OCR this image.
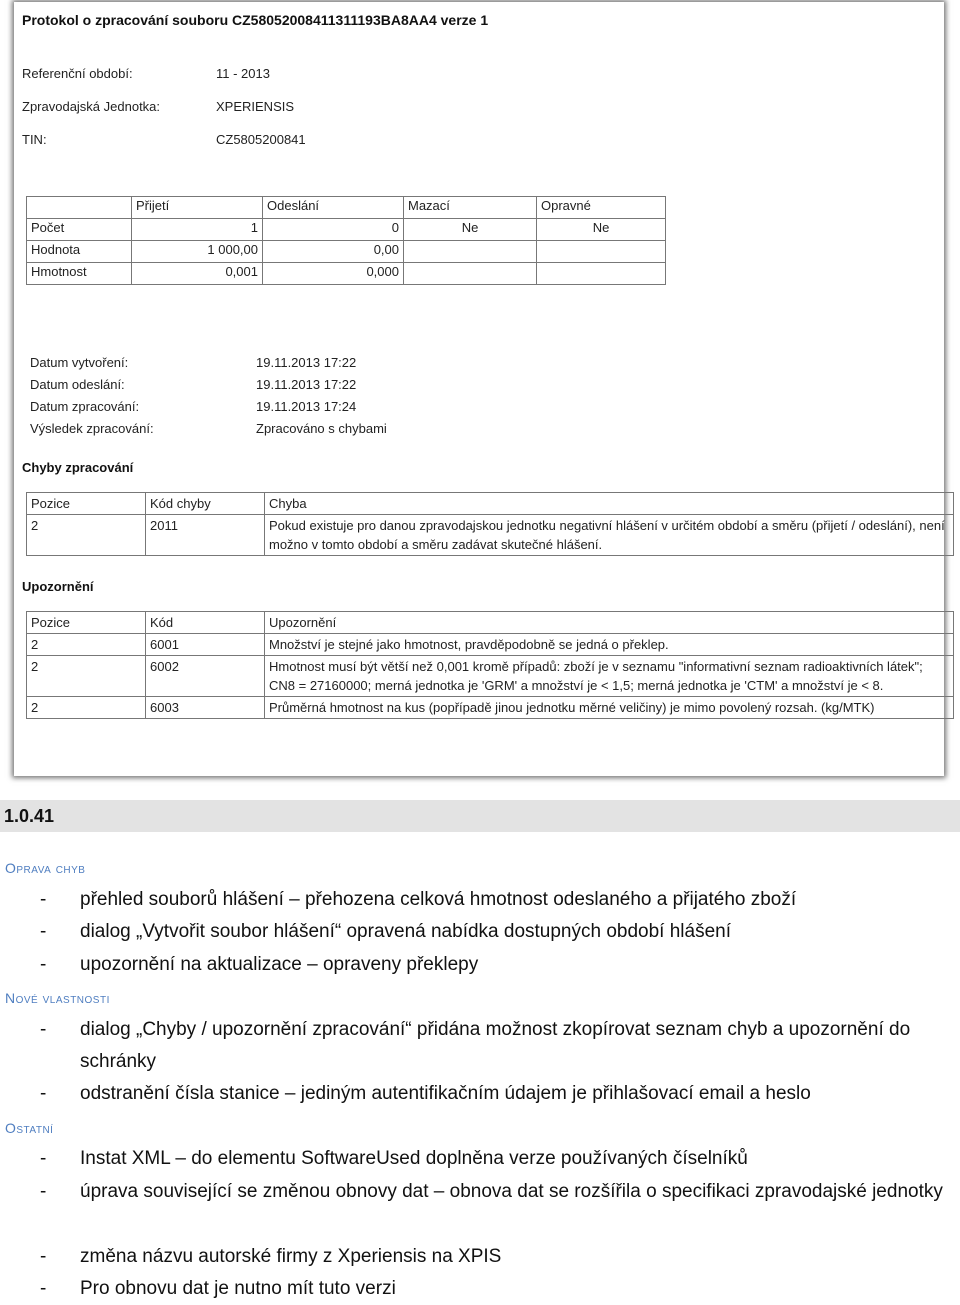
Protokol o zpracování souboru CZ58052008411311193BA8AA4 verze 1
Referenční období:	11 - 2013
Zpravodajská Jednotka:	XPERIENSIS
TIN:	CZ5805200841
	Přijetí	Odeslání	Mazací	Opravné
Počet	1	0	Ne	Ne
Hodnota	1 000,00	0,00		
Hmotnost	0,001	0,000		
Datum vytvoření:	19.11.2013 17:22
Datum odeslání:	19.11.2013 17:22
Datum zpracování:	19.11.2013 17:24
Výsledek zpracování:	Zpracováno s chybami
Chyby zpracování
Pozice	Kód chyby	Chyba
2	2011	Pokud existuje pro danou zpravodajskou jednotku negativní hlášení v určitém období a směru (přijetí / odeslání), není možno v tomto období a směru zadávat skutečné hlášení.
Upozornění
Pozice	Kód	Upozornění
2	6001	Množství je stejné jako hmotnost, pravděpodobně se jedná o překlep.
2	6002	Hmotnost musí být větší než 0,001 kromě případů: zboží je v seznamu "informativní seznam radioaktivních látek"; CN8 = 27160000; merná jednotka je 'GRM' a množství je < 1,5; merná jednotka je 'CTM' a množství je < 8.
2	6003	Průměrná hmotnost na kus (popřípadě jinou jednotku měrné veličiny) je mimo povolený rozsah. (kg/MTK)
1.0.41
Oprava chyb
- přehled souborů hlášení – přehozena celková hmotnost odeslaného a přijatého zboží
- dialog „Vytvořit soubor hlášení“ opravená nabídka dostupných období hlášení
- upozornění na aktualizace – opraveny překlepy
Nové vlastnosti
- dialog „Chyby / upozornění zpracování“ přidána možnost zkopírovat seznam chyb a upozornění do schránky
- odstranění čísla stanice – jediným autentifikačním údajem je přihlašovací email a heslo
Ostatní
- Instat XML – do elementu SoftwareUsed doplněna verze používaných číselníků
- úprava související se změnou obnovy dat – obnova dat se rozšířila o specifikaci zpravodajské jednotky
- změna názvu autorské firmy z Xperiensis na XPIS
- Pro obnovu dat je nutno mít tuto verzi
